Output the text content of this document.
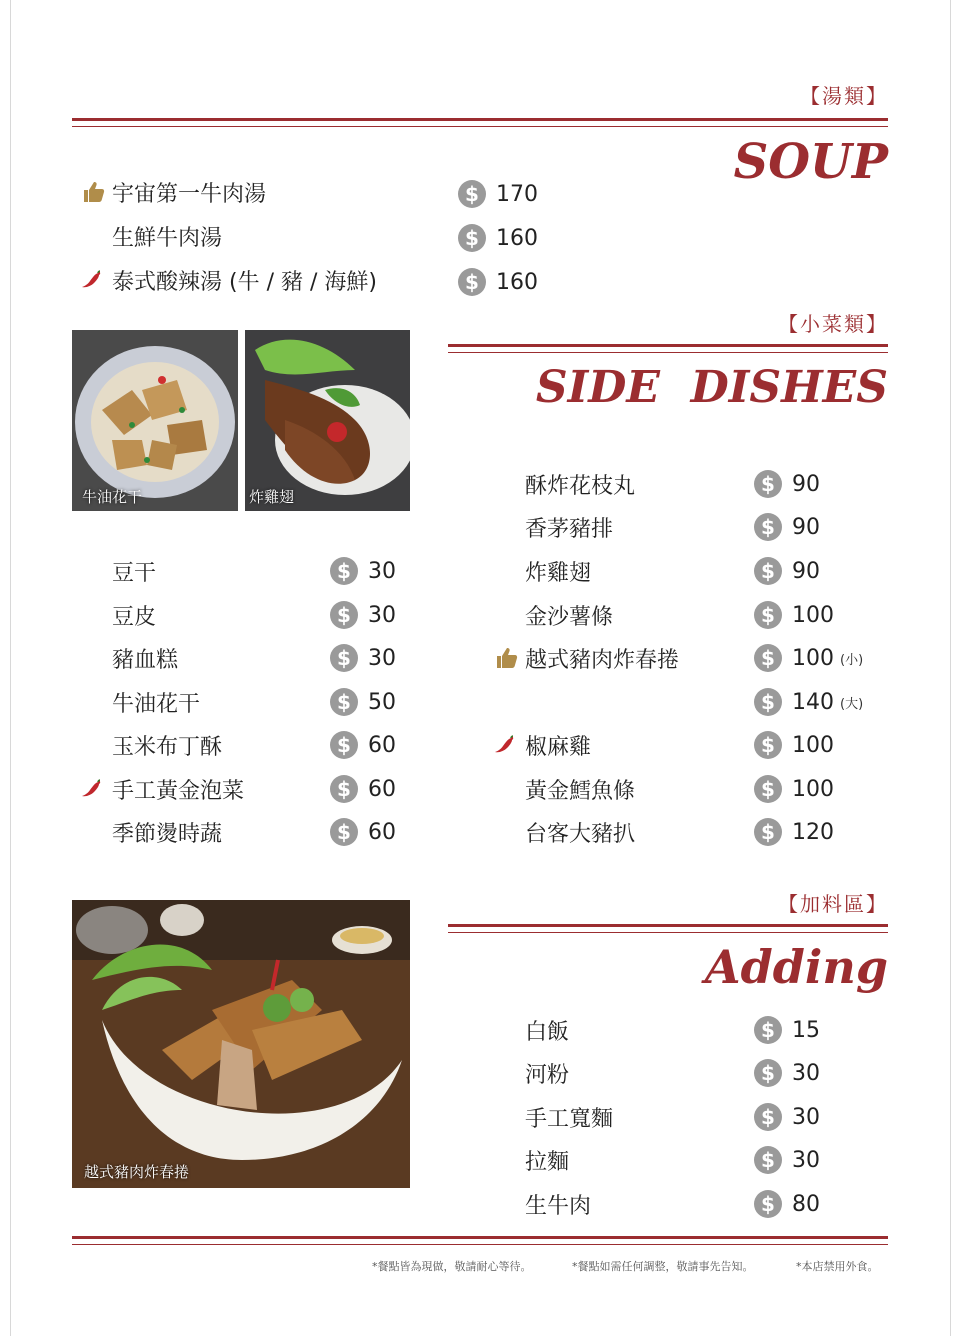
【湯類】
SOUP
宇宙第一牛肉湯	$ 170
生鮮牛肉湯	$ 160
泰式酸辣湯 (牛 / 豬 / 海鮮)	$ 160
牛油花干	炸雞翅
【小菜類】
SIDE  DISHES
豆干	$ 30
豆皮	$ 30
豬血糕	$ 30
牛油花干	$ 50
玉米布丁酥	$ 60
手工黃金泡菜	$ 60
季節燙時蔬	$ 60
酥炸花枝丸	$ 90
香茅豬排	$ 90
炸雞翅	$ 90
金沙薯條	$ 100
越式豬肉炸春捲	$ 100 (小)
$ 140 (大)
椒麻雞	$ 100
黃金鱈魚條	$ 100
台客大豬扒	$ 120
越式豬肉炸春捲
【加料區】
Adding
白飯	$ 15
河粉	$ 30
手工寬麵	$ 30
拉麵	$ 30
生牛肉	$ 80
*餐點皆為現做，敬請耐心等待。	*餐點如需任何調整，敬請事先告知。	*本店禁用外食。
